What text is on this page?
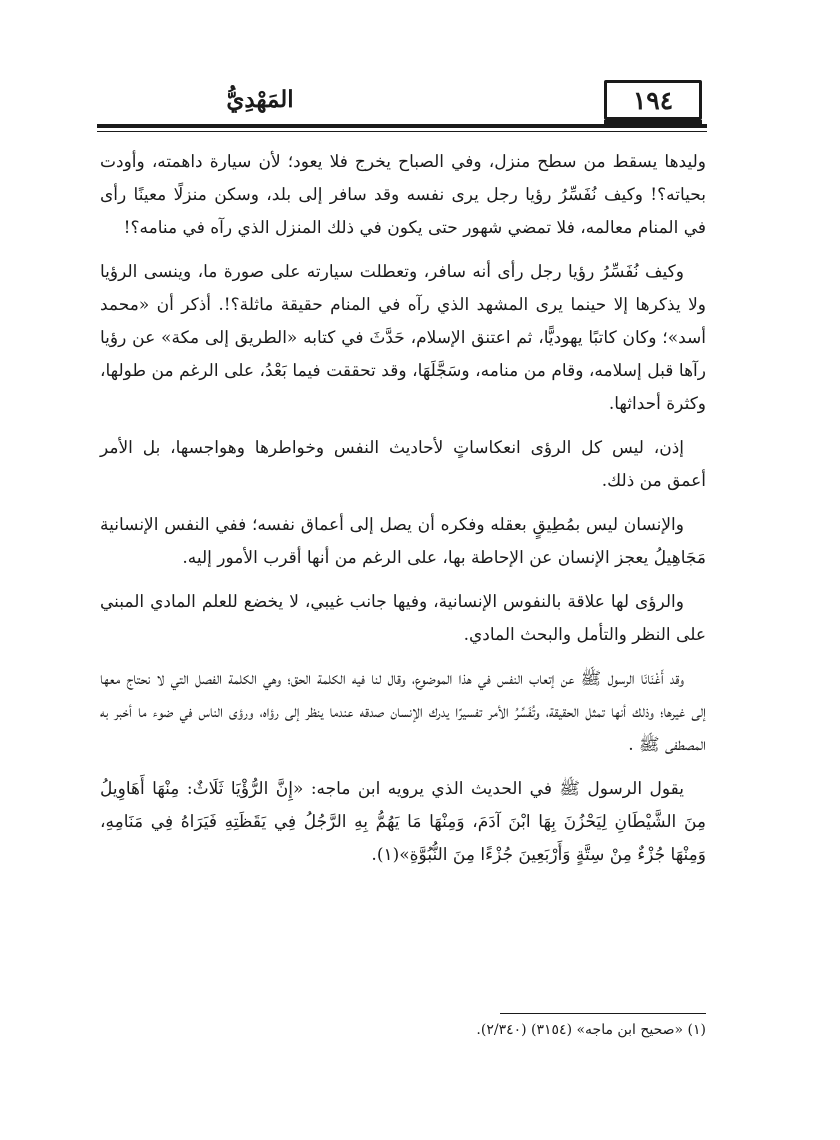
١٩٤
المَهْدِيُّ

وليدها يسقط من سطح منزل، وفي الصباح يخرج فلا يعود؛ لأن سيارة داهمته، وأودت بحياته؟! وكيف نُفَسِّرُ رؤيا رجل يرى نفسه وقد سافر إلى بلد، وسكن منزلًا معينًا رأى في المنام معالمه، فلا تمضي شهور حتى يكون في ذلك المنزل الذي رآه في منامه؟!

وكيف نُفَسِّرُ رؤيا رجل رأى أنه سافر، وتعطلت سيارته على صورة ما، وينسى الرؤيا ولا يذكرها إلا حينما يرى المشهد الذي رآه في المنام حقيقة ماثلة؟!. أذكر أن «محمد أسد»؛ وكان كاتبًا يهوديًّا، ثم اعتنق الإسلام، حَدَّثَ في كتابه «الطريق إلى مكة» عن رؤيا رآها قبل إسلامه، وقام من منامه، وسَجَّلَهَا، وقد تحققت فيما بَعْدُ، على الرغم من طولها، وكثرة أحداثها.

إذن، ليس كل الرؤى انعكاساتٍ لأحاديث النفس وخواطرها وهواجسها، بل الأمر أعمق من ذلك.

والإنسان ليس بمُطِيقٍ بعقله وفكره أن يصل إلى أعماق نفسه؛ ففي النفس الإنسانية مَجَاهِيلُ يعجز الإنسان عن الإحاطة بها، على الرغم من أنها أقرب الأمور إليه.

والرؤى لها علاقة بالنفوس الإنسانية، وفيها جانب غيبي، لا يخضع للعلم المادي المبني على النظر والتأمل والبحث المادي.

وقد أَغْنَانَا الرسول ﷺ عن إتعاب النفس في هذا الموضوع، وقال لنا فيه الكلمة الحق؛ وهي الكلمة الفصل التي لا نحتاج معها إلى غيرها؛ وذلك أنها تمثل الحقيقة، وتُفَسِّرُ الأمر تفسيرًا يدرك الإنسان صدقه عندما ينظر إلى رؤاه، ورؤى الناس في ضوء ما أخبر به المصطفى ﷺ .

يقول الرسول ﷺ في الحديث الذي يرويه ابن ماجه: «إِنَّ الرُّؤْيَا ثَلَاثٌ: مِنْهَا أَهَاوِيلُ مِنَ الشَّيْطَانِ لِيَحْزُنَ بِهَا ابْنَ آدَمَ، وَمِنْهَا مَا يَهُمُّ بِهِ الرَّجُلُ فِي يَقَظَتِهِ فَيَرَاهُ فِي مَنَامِهِ، وَمِنْهَا جُزْءٌ مِنْ سِتَّةٍ وَأَرْبَعِينَ جُزْءًا مِنَ النُّبُوَّةِ»(١).

(١) «صحيح ابن ماجه» (٣١٥٤) (٢/٣٤٠).
